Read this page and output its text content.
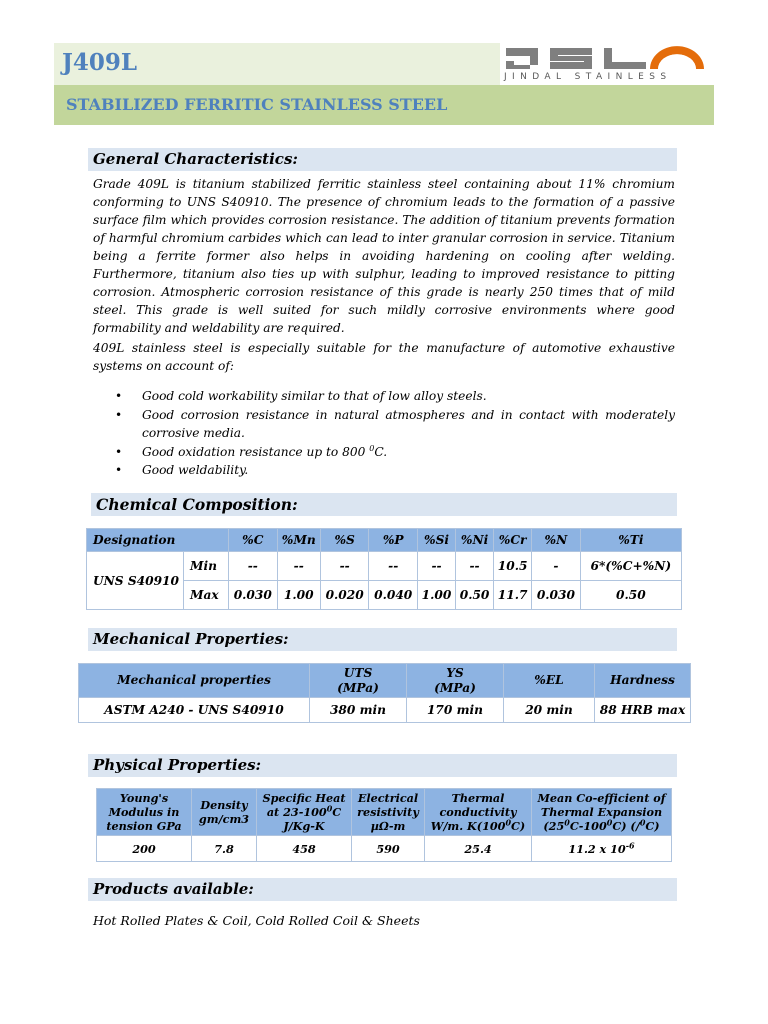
J409L
JINDAL STAINLESS
STABILIZED FERRITIC STAINLESS STEEL
General Characteristics:

Grade 409L is titanium stabilized ferritic stainless steel containing about 11% chromium conforming to UNS S40910. The presence of chromium leads to the formation of a passive surface film which provides corrosion resistance. The addition of titanium prevents formation of harmful chromium carbides which can lead to inter granular corrosion in service. Titanium being a ferrite former also helps in avoiding hardening on cooling after welding. Furthermore, titanium also ties up with sulphur, leading to improved resistance to pitting corrosion. Atmospheric corrosion resistance of this grade is nearly 250 times that of mild steel. This grade is well suited for such mildly corrosive environments where good formability and weldability are required.

409L stainless steel is especially suitable for the manufacture of automotive exhaustive systems on account of:

• Good cold workability similar to that of low alloy steels.
• Good corrosion resistance in natural atmospheres and in contact with moderately corrosive media.
• Good oxidation resistance up to 800 $^0$C.
• Good weldability.
Chemical Composition:
Designation		%C	%Mn	%S	%P	%Si	%Ni	%Cr	%N	%Ti
UNS S40910	Min	--	--	--	--	--	--	10.5	-	6*(%C+%N)
	Max	0.030	1.00	0.020	0.040	1.00	0.50	11.7	0.030	0.50
Mechanical Properties:
Mechanical properties	UTS
(MPa)	YS
(MPa)	%EL	Hardness
ASTM A240 - UNS S40910	380 min	170 min	20 min	88 HRB max
Physical Properties:
Young's
Modulus in
tension GPa	Density
gm/cm3	Specific Heat
at $23-100^0C$
J/Kg-K	Electrical
resistivity
µΩ-m	Thermal
conductivity
W/m. $K(100^0C)$	Mean Co-efficient of
Thermal Expansion
$(25^0C-100^0C)$ (/$^0$C)
200	7.8	458	590	25.4	11.2 x $10^{-6}$
Products available:
Hot Rolled Plates & Coil, Cold Rolled Coil & Sheets
